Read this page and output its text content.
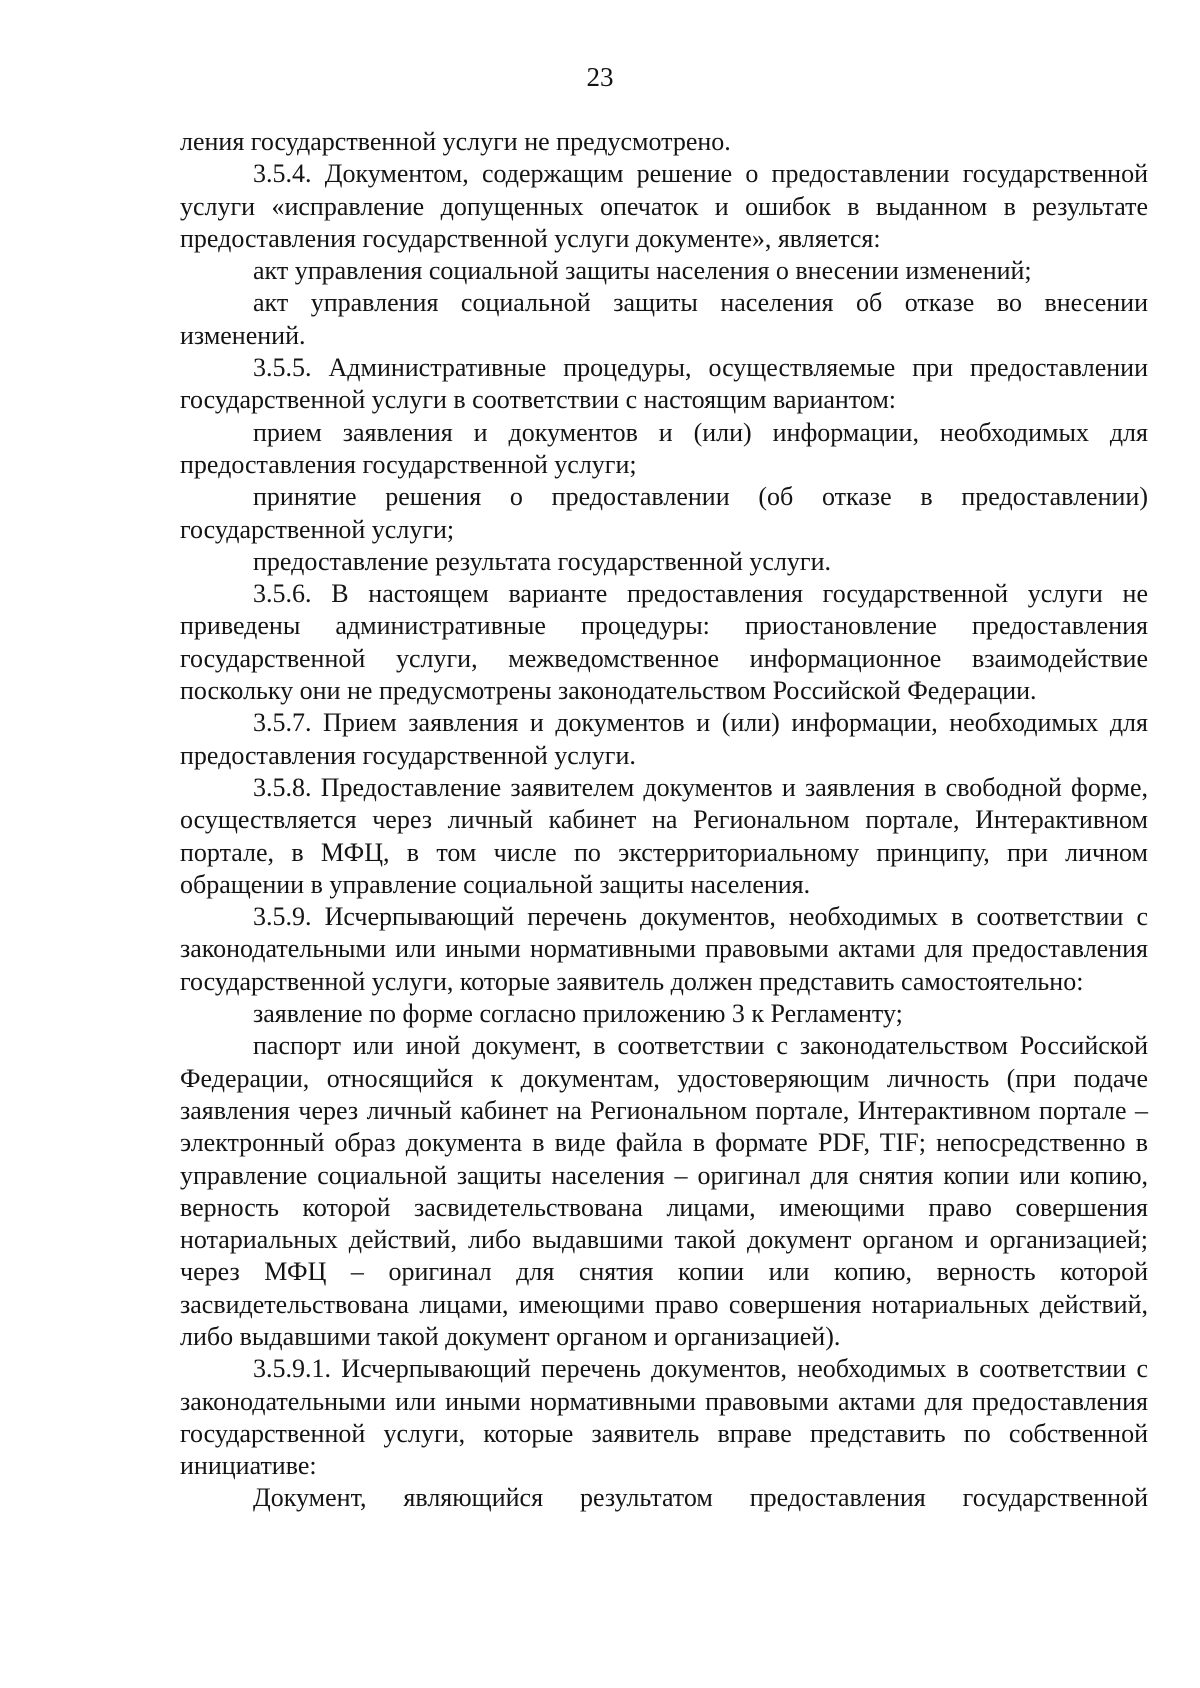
23

ления государственной услуги не предусмотрено.

3.5.4. Документом, содержащим решение о предоставлении государственной услуги «исправление допущенных опечаток и ошибок в выданном в результате предоставления государственной услуги документе», является:

акт управления социальной защиты населения о внесении изменений;

акт управления социальной защиты населения об отказе во внесении изменений.

3.5.5. Административные процедуры, осуществляемые при предоставлении государственной услуги в соответствии с настоящим вариантом:

прием заявления и документов и (или) информации, необходимых для предоставления государственной услуги;

принятие решения о предоставлении (об отказе в предоставлении) государственной услуги;

предоставление результата государственной услуги.

3.5.6. В настоящем варианте предоставления государственной услуги не приведены административные процедуры: приостановление предоставления государственной услуги, межведомственное информационное взаимодействие поскольку они не предусмотрены законодательством Российской Федерации.

3.5.7. Прием заявления и документов и (или) информации, необходимых для предоставления государственной услуги.

3.5.8. Предоставление заявителем документов и заявления в свободной форме, осуществляется через личный кабинет на Региональном портале, Интерактивном портале, в МФЦ, в том числе по экстерриториальному принципу, при личном обращении в управление социальной защиты населения.

3.5.9. Исчерпывающий перечень документов, необходимых в соответствии с законодательными или иными нормативными правовыми актами для предоставления государственной услуги, которые заявитель должен представить самостоятельно:

заявление по форме согласно приложению 3 к Регламенту;

паспорт или иной документ, в соответствии с законодательством Российской Федерации, относящийся к документам, удостоверяющим личность (при подаче заявления через личный кабинет на Региональном портале, Интерактивном портале – электронный образ документа в виде файла в формате PDF, TIF; непосредственно в управление социальной защиты населения – оригинал для снятия копии или копию, верность которой засвидетельствована лицами, имеющими право совершения нотариальных действий, либо выдавшими такой документ органом и организацией; через МФЦ – оригинал для снятия копии или копию, верность которой засвидетельствована лицами, имеющими право совершения нотариальных действий, либо выдавшими такой документ органом и организацией).

3.5.9.1. Исчерпывающий перечень документов, необходимых в соответствии с законодательными или иными нормативными правовыми актами для предоставления государственной услуги, которые заявитель вправе представить по собственной инициативе:

Документ, являющийся результатом предоставления государственной
